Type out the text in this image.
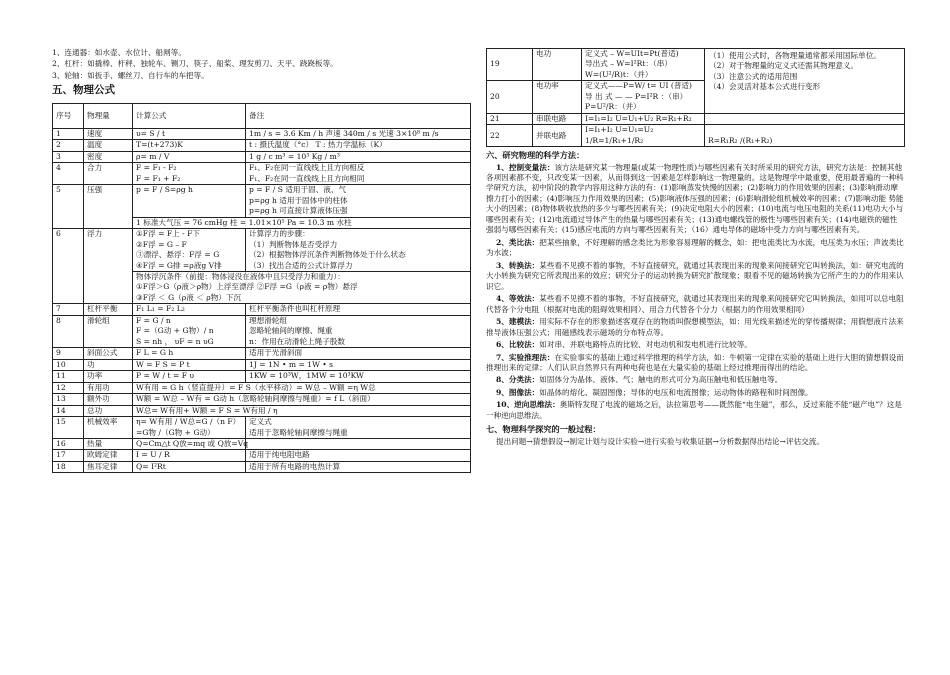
1、连通器：如水壶、水位计、船闸等。

2、杠杆：如撬棒、杆秤、独轮车、铡刀、筷子、船桨、理发剪刀、天平、跷跷板等。

3、轮轴：如扳手、螺丝刀、自行车的车把等。

五、物理公式
序号	物理量	计算公式	备注
1	速度	υ= S / t	1m / s = 3.6 Km / h 声速 340m / s 光速 3×10⁸ m /s

2	温度	T=(t+273)K	t : 摄氏温度（°c） T : 热力学温标（K）

3	密度	ρ= m / V	1 g / c m³ = 10³ Kg / m³

4	合力	F = F₁ - F₂
F = F₁ + F₂	F₁、F₂在同一直线线上且方向相反
F₁、F₂在同一直线线上且方向相同

5	压强	p = F / S=ρg h	p = F / S 适用于固、液、气
p=ρg h 适用于固体中的柱体
p=ρg h 可直接计算液体压强

		1 标准大气压 = 76 cmHg 柱 = 1.01×10⁵ Pa = 10.3 m 水柱	

6	浮力	①F浮 = F上 - F下
②F浮 = G – F
③漂浮、悬浮：F浮 = G
④F浮 = G排 =ρ液g V排	计算浮力的步骤：
（1）判断物体是否受浮力
（2）根据物体浮沉条件判断物体处于什么状态
（3）找出合适的公式计算浮力

		物体浮沉条件（前提：物体浸没在液体中且只受浮力和重力）：
①F浮＞G（ρ液＞ρ物）上浮至漂浮 ②F浮 =G（ρ液 = ρ物）悬浮
③F浮 ＜ G（ρ液 ＜ ρ物）下沉	

7	杠杆平衡	F₁ L₁ = F₂ L₂	杠杆平衡条件也叫杠杆原理

8	滑轮组	F = G / n
F =（G动 + G物）/ n
S = nh ， υF = n υG	理想滑轮组
忽略轮轴间的摩擦、绳重
n：作用在动滑轮上绳子股数

9	斜面公式	F L = G h	适用于光滑斜面

10	功	W = F S = P t	1J = 1N • m = 1W • s

11	功率	P = W / t = F υ	1KW = 10³W，1MW = 10³KW

12	有用功	W有用 = G h（竖直提升）= F S（水平移动）= W总 – W额 =η W总	

13	额外功	W额 = W总 – W有 = G动 h（忽略轮轴间摩擦与绳重）= f L（斜面）	

14	总功	W总= W有用+ W额 = F S = W有用 / η	

15	机械效率	η= W有用 / W总=G /（n F）
=G物 /（G物 + G动）	定义式
适用于忽略轮轴间摩擦与绳重

16	热量	Q=Cm△t Q放=mq 或 Q放=Vq	

17	欧姆定律	I = U / R	适用于纯电阻电路

18	焦耳定律	Q= I²Rt	适用于所有电路的电热计算
19	电功	定义式 – W=UIt=Pt(普适)
导出式 – W=I²Rt：（串）
W=(U²/R)t：（并）	（1）使用公式时，各物理量通常都采用国际单位。
（2）对于物理量的定义式还需其物理意义。
（3）注意公式的适用范围
（4）会灵活对基本公式进行变形

20	电功率	定义式——P=W/ t= UI (普适)
导 出 式 — — P=I²R ：（串）
P=U²/R：（并）	

21	串联电路	I=I₁=I₂ U=U₁+U₂ R=R₁+R₂	

22	并联电路	I=I₁+I₂ U=U₁=U₂
1/R=1/R₁+1/R₂	R=R₁R₂ /(R₁+R₂)
六、研究物理的科学方法：

1、控制变量法：该方法是研究某一物理量(或某一物理性质)与哪些因素有关时所采用的研究方法，研究方法是：控制其他各项因素都不变，只改变某一因素，从而得到这一因素是怎样影响这一物理量的。这是物理学中最重要，使用最普遍的一种科学研究方法，初中阶段的教学内容用这种方法的有：(1)影响蒸发快慢的因素；(2)影响力的作用效果的因素；(3)影响滑动摩擦力打小的因素；(4)影响压力作用效果的因素；(5)影响液体压强的因素；(6)影响滑轮组机械效率的因素；(7)影响动能 势能大小的因素；(8)物体吸收放热的多少与哪些因素有关；(9)决定电阻大小的因素；(10)电流与电压电阻的关系(11)电功大小与哪些因素有关；(12)电流通过导体产生的热量与哪些因素有关；(13)通电螺线管的极性与哪些因素有关；(14)电磁铁的磁性强弱与哪些因素有关；(15)感应电流的方向与哪些因素有关；（16）通电导体的磁场中受力方向与哪些因素有关。

2、类比法：把某些抽象，不好理解的感念类比为形象容易理解的概念，如：把电流类比为水流，电压类为水压；声波类比为水波；

3、转换法：某些看不见摸不着的事物，不好直接研究，就通过其表现出来的现象来间接研究它叫转换法，如：研究电流的大小转换为研究它所表现出来的效应；研究分子的运动转换为研究扩散现象；眼看不见的磁场转换为它所产生的力的作用来认识它。

4、等效法：某些看不见摸不着的事物，不好直接研究，就通过其表现出来的现象来间接研究它叫转换法，如用可以总电阻代替各个分电阻（根据对电流的阻碍效果相同）、用合力代替各个分力（根据力的作用效果相同）

5、建模法：用实际不存在的形象描述客观存在的物质叫假想模型法，如：用光线来描述光的穿传播规律；用假想液片法来推导液体压强公式；用磁感线表示磁场的分布特点等。

6、比较法：如对串、并联电路特点的比较、对电动机和发电机进行比较等。

7、实验推理法：在实验事实的基础上通过科学推理的科学方法，如：牛顿第一定律在实验的基础上进行大胆的猜想假设而推理出来的定律；人们认识自然界只有两种电荷也是在大量实验的基础上经过推理而得出的结论。

8、分类法：如固体分为晶体、液体、气；触电的形式可分为高压触电和低压触电等。

9、图像法：如晶体的熔化、凝固图像；导体的电压和电流图像；运动物体的路程和时间图像。

10、逆向思维法：奥斯特发现了电流的磁场之后，法拉第思考——既然能“电生磁”，那么，反过来能不能“磁产电”？这是一种逆向思维法。

七、物理科学探究的一般过程：

提出问题→猜想假设→制定计划与设计实验→进行实验与收集证据→分析数据得出结论→评估交流。
